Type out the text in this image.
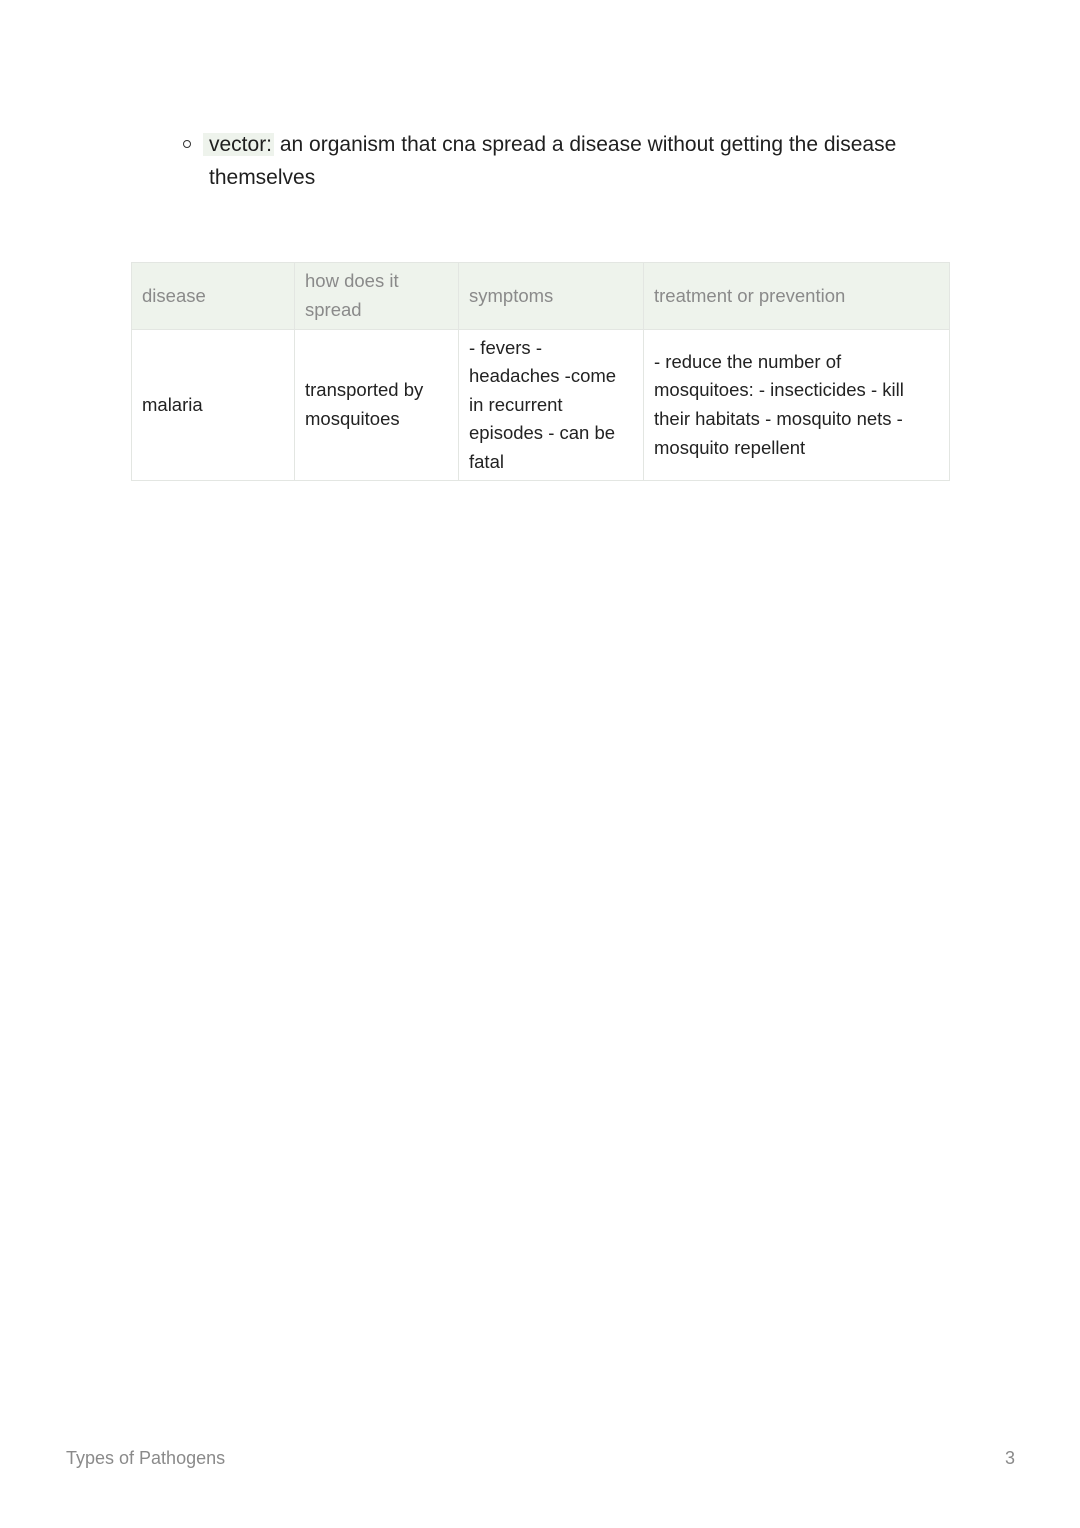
vector: an organism that cna spread a disease without getting the disease themselves
disease	how does it spread	symptoms	treatment or prevention
malaria	transported by mosquitoes	- fevers - headaches -come in recurrent episodes - can be fatal	- reduce the number of mosquitoes: - insecticides - kill their habitats - mosquito nets - mosquito repellent
Types of Pathogens	3
